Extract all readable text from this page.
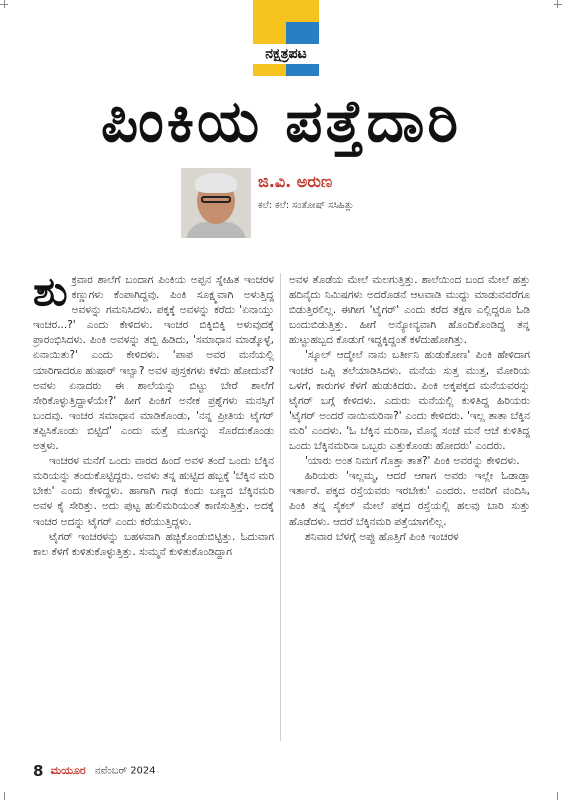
ನಕ್ಷತ್ರಪಟ
ಪಿಂಕಿಯ ಪತ್ತೆದಾರಿ
ಜಿ.ವಿ. ಅರುಣ
ಕಲೆ: ಕಲೆ: ಸಂತೋಷ್ ಸಸಿಹಿತ್ಲು

ಶುಕ್ರವಾರ ಶಾಲೆಗೆ ಬಂದಾಗ ಪಿಂಕಿಯ ಅಪ್ಪನ ಸ್ನೇಹಿತ ಇಂಚರಳ ಕಣ್ಣುಗಳು ಕೆಂಪಾಗಿದ್ದವು. ಪಿಂಕಿ ಸೂಕ್ಷ್ಮವಾಗಿ ಅಳುತ್ತಿದ್ದ ಅವಳನ್ನು ಗಮನಿಸಿದಳು. ಪಕ್ಕಕ್ಕೆ ಅವಳನ್ನು ಕರೆದು 'ಏನಾಯ್ತು ಇಂಚರ...?' ಎಂದು ಕೇಳಿದಳು. ಇಂಚರ ಬಿಕ್ಕಿಬಿಕ್ಕಿ ಅಳುವುದಕ್ಕೆ ಪ್ರಾರಂಭಿಸಿದಳು. ಪಿಂಕಿ ಅವಳನ್ನು ತಬ್ಬಿ ಹಿಡಿದು, 'ಸಮಾಧಾನ ಮಾಡ್ಕೊಳ್ಳೆ, ಏನಾಯಿತು?' ಎಂದು ಕೇಳಿದಳು. 'ಪಾಪ ಅವರ ಮನೆಯಲ್ಲಿ ಯಾರಿಗಾದರೂ ಹುಷಾರ್ ಇಲ್ವಾ? ಅವಳ ಪುಸ್ತಕಗಳು ಕಳೆದು ಹೋದುವೆ? ಅವಳು ಏನಾದರು ಈ ಶಾಲೆಯನ್ನು ಬಿಟ್ಟು ಬೇರೆ ಶಾಲೆಗೆ ಸೇರಿಕೊಳ್ಳುತ್ತಿದ್ದಾಳೆಯೇ?' ಹೀಗೆ ಪಿಂಕಿಗೆ ಅನೇಕ ಪ್ರಶ್ನೆಗಳು ಮನಸ್ಸಿಗೆ ಬಂದವು. ಇಂಚರ ಸಮಾಧಾನ ಮಾಡಿಕೊಂಡು, 'ನನ್ನ ಪ್ರೀತಿಯ ಟೈಗರ್ ತಪ್ಪಿಸಿಕೊಂಡು ಬಿಟ್ಟಿದೆ' ಎಂದು ಮತ್ತೆ ಮೂಗನ್ನು ಸೊರೆದುಕೊಂಡು ಅತ್ತಳು.

ಇಂಚರಳ ಮನೆಗೆ ಒಂದು ವಾರದ ಹಿಂದೆ ಅವಳ ತಂದೆ ಒಂದು ಬೆಕ್ಕಿನ ಮರಿಯನ್ನು ತಂದುಕೊಟ್ಟಿದ್ದರು. ಅವಳು ತನ್ನ ಹುಟ್ಟಿದ ಹಬ್ಬಕ್ಕೆ 'ಬೆಕ್ಕಿನ ಮರಿ ಬೇಕು' ಎಂದು ಕೇಳಿದ್ದಳು. ಹಾಗಾಗಿ ಗಾಢ ಕಂದು ಬಣ್ಣದ ಬೆಕ್ಕಿನಮರಿ ಅವಳ ಕೈ ಸೇರಿತ್ತು. ಅದು ಪುಟ್ಟ ಹುಲಿಮರಿಯಂತೆ ಕಾಣಿಸುತ್ತಿತ್ತು. ಅದಕ್ಕೆ ಇಂಚರ ಅದನ್ನು ಟೈಗರ್ ಎಂದು ಕರೆಯುತ್ತಿದ್ದಳು.

ಟೈಗರ್ ಇಂಚರಳನ್ನು ಬಹಳವಾಗಿ ಹಚ್ಚಿಕೊಂಡುಬಿಟ್ಟಿತ್ತು. ಓದುವಾಗ ಕಾಲ ಕೆಳಗೆ ಕುಳಿತುಕೊಳ್ಳುತ್ತಿತ್ತು. ಸುಮ್ಮನೆ ಕುಳಿತುಕೊಂಡಿದ್ದಾಗ

ಅವಳ ತೊಡೆಯ ಮೇಲೆ ಮಲಗುತ್ತಿತ್ತು. ಶಾಲೆಯಿಂದ ಬಂದ ಮೇಲೆ ಹತ್ತು ಹದಿನೈದು ನಿಮಿಷಗಳು ಅದರೊಡನೆ ಆಟವಾಡಿ ಮುದ್ದು ಮಾಡುವವರೆಗೂ ಬಿಡುತ್ತಿರಲಿಲ್ಲ. ಈಗೀಗ 'ಟೈಗರ್' ಎಂದು ಕರೆದ ತಕ್ಷಣ ಎಲ್ಲಿದ್ದರೂ ಓಡಿ ಬಂದುಬಿಡುತ್ತಿತ್ತು. ಹೀಗೆ ಅನ್ಯೋನ್ಯವಾಗಿ ಹೊಂದಿಕೊಂಡಿದ್ದ ತನ್ನ ಹುಟ್ಟುಹಬ್ಬದ ಕೊಡುಗೆ ಇದ್ದಕ್ಕಿದ್ದಂತೆ ಕಳೆದುಹೋಗಿತ್ತು.

'ಸ್ಕೂಲ್ ಆದ್ಮೇಲೆ ನಾನು ಬರ್ತೀನಿ ಹುಡುಕೋಣ' ಪಿಂಕಿ ಹೇಳಿದಾಗ ಇಂಚರ ಒಪ್ಪಿ ತಲೆಯಾಡಿಸಿದಳು. ಮನೆಯ ಸುತ್ತ ಮುತ್ತ, ಮೋರಿಯ ಒಳಗೆ, ಕಾರುಗಳ ಕೆಳಗೆ ಹುಡುಕಿದರು. ಪಿಂಕಿ ಅಕ್ಕಪಕ್ಕದ ಮನೆಯವರನ್ನು ಟೈಗರ್ ಬಗ್ಗೆ ಕೇಳಿದಳು. ಎದುರು ಮನೆಯಲ್ಲಿ ಕುಳಿತಿದ್ದ ಹಿರಿಯರು 'ಟೈಗರ್ ಅಂದರೆ ನಾಯಿಮರಿನಾ?' ಎಂದು ಕೇಳಿದರು. 'ಇಲ್ಲ ತಾತಾ ಬೆಕ್ಕಿನ ಮರಿ' ಎಂದಳು. 'ಓ ಬೆಕ್ಕಿನ ಮರಿನಾ, ಮೊನ್ನೆ ಸಂಜೆ ಮನೆ ಆಚೆ ಕುಳಿತಿದ್ದ ಒಂದು ಬೆಕ್ಕಿನಮರಿನಾ ಒಬ್ಬರು ಎತ್ತುಕೊಂಡು ಹೋದರು' ಎಂದರು.

'ಯಾರು ಅಂತ ನಿಮಗೆ ಗೊತ್ತಾ ತಾತ?' ಪಿಂಕಿ ಅವರನ್ನು ಕೇಳಿದಳು.

ಹಿರಿಯರು 'ಇಲ್ಲಮ್ಮ, ಆದರೆ ಆಗಾಗ ಅವರು ಇಲ್ಲೇ ಓಡಾಡ್ತಾ ಇರ್ತಾರೆ. ಪಕ್ಕದ ರಸ್ತೆಯವರು ಇರಬೇಕು' ಎಂದರು. ಅವರಿಗೆ ವಂದಿಸಿ, ಪಿಂಕಿ ತನ್ನ ಸೈಕಲ್ ಮೇಲೆ ಪಕ್ಕದ ರಸ್ತೆಯಲ್ಲಿ ಹಲವು ಬಾರಿ ಸುತ್ತು ಹೊಡೆದಳು. ಆದರೆ ಬೆಕ್ಕಿನಮರಿ ಪತ್ತೆಯಾಗಲಿಲ್ಲ.

ಶನಿವಾರ ಬೆಳಗ್ಗೆ ಅಪ್ಪು ಹೊತ್ತಿಗೆ ಪಿಂಕಿ ಇಂಚರಳ

8 ಮಯೂರ ನವೆಂಬರ್ 2024
